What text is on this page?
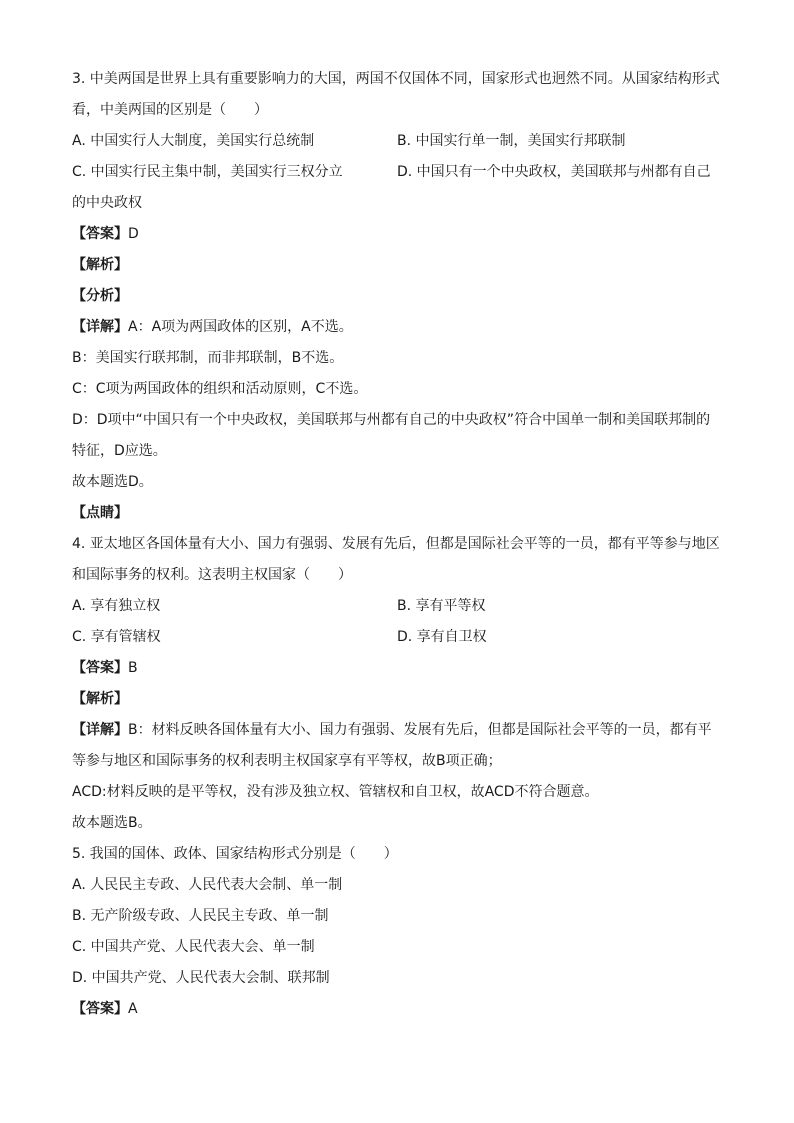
3. 中美两国是世界上具有重要影响力的大国，两国不仅国体不同，国家形式也迥然不同。从国家结构形式
看，中美两国的区别是（　　）
A. 中国实行人大制度，美国实行总统制	B. 中国实行单一制，美国实行邦联制
C. 中国实行民主集中制，美国实行三权分立	D. 中国只有一个中央政权，美国联邦与州都有自己
的中央政权
【答案】D
【解析】
【分析】
【详解】A：A项为两国政体的区别，A不选。
B：美国实行联邦制，而非邦联制，B不选。
C：C项为两国政体的组织和活动原则，C不选。
D：D项中“中国只有一个中央政权，美国联邦与州都有自己的中央政权”符合中国单一制和美国联邦制的
特征，D应选。
故本题选D。
【点睛】
4. 亚太地区各国体量有大小、国力有强弱、发展有先后，但都是国际社会平等的一员，都有平等参与地区
和国际事务的权利。这表明主权国家（　　）
A. 享有独立权	B. 享有平等权
C. 享有管辖权	D. 享有自卫权
【答案】B
【解析】
【详解】B：材料反映各国体量有大小、国力有强弱、发展有先后，但都是国际社会平等的一员，都有平
等参与地区和国际事务的权利表明主权国家享有平等权，故B项正确；
ACD:材料反映的是平等权，没有涉及独立权、管辖权和自卫权，故ACD不符合题意。
故本题选B。
5. 我国的国体、政体、国家结构形式分别是（　　）
A. 人民民主专政、人民代表大会制、单一制
B. 无产阶级专政、人民民主专政、单一制
C. 中国共产党、人民代表大会、单一制
D. 中国共产党、人民代表大会制、联邦制
【答案】A
